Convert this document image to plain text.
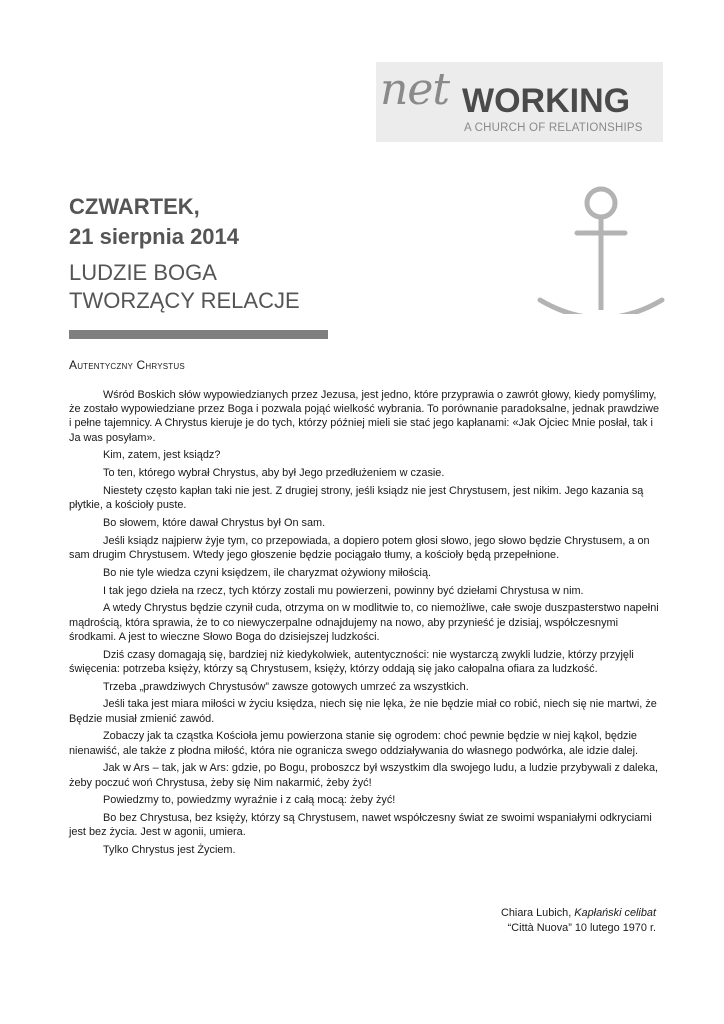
net WORKING
A CHURCH OF RELATIONSHIPS
CZWARTEK,
21 sierpnia 2014
LUDZIE BOGA
TWORZĄCY RELACJE
Autentyczny Chrystus

Wśród Boskich słów wypowiedzianych przez Jezusa, jest jedno, które przyprawia o zawrót głowy, kiedy pomyślimy, że zostało wypowiedziane przez Boga i pozwala pojąć wielkość wybrania. To porównanie paradoksalne, jednak prawdziwe i pełne tajemnicy. A Chrystus kieruje je do tych, którzy później mieli sie stać jego kapłanami: «Jak Ojciec Mnie posłał, tak i Ja was posyłam».

Kim, zatem, jest ksiądz?

To ten, którego wybrał Chrystus, aby był Jego przedłużeniem w czasie.

Niestety często kapłan taki nie jest. Z drugiej strony, jeśli ksiądz nie jest Chrystusem, jest nikim. Jego kazania są płytkie, a kościoły puste.

Bo słowem, które dawał Chrystus był On sam.

Jeśli ksiądz najpierw żyje tym, co przepowiada, a dopiero potem głosi słowo, jego słowo będzie Chrystusem, a on sam drugim Chrystusem. Wtedy jego głoszenie będzie pociągało tłumy, a kościoły będą przepełnione.

Bo nie tyle wiedza czyni księdzem, ile charyzmat ożywiony miłością.

I tak jego dzieła na rzecz, tych którzy zostali mu powierzeni, powinny być dziełami Chrystusa w nim.

A wtedy Chrystus będzie czynił cuda, otrzyma on w modlitwie to, co niemożliwe, całe swoje duszpasterstwo napełni mądrością, która sprawia, że to co niewyczerpalne odnajdujemy na nowo, aby przynieść je dzisiaj, współczesnymi środkami. A jest to wieczne Słowo Boga do dzisiejszej ludzkości.

Dziś czasy domagają się, bardziej niż kiedykolwiek, autentyczności: nie wystarczą zwykli ludzie, którzy przyjęli święcenia: potrzeba księży, którzy są Chrystusem, księży, którzy oddają się jako całopalna ofiara za ludzkość.

Trzeba „prawdziwych Chrystusów” zawsze gotowych umrzeć za wszystkich.

Jeśli taka jest miara miłości w życiu księdza, niech się nie lęka, że nie będzie miał co robić, niech się nie martwi, że Będzie musiał zmienić zawód.

Zobaczy jak ta cząstka Kościoła jemu powierzona stanie się ogrodem: choć pewnie będzie w niej kąkol, będzie nienawiść, ale także z płodna miłość, która nie ogranicza swego oddziaływania do własnego podwórka, ale idzie dalej.

Jak w Ars – tak, jak w Ars: gdzie, po Bogu, proboszcz był wszystkim dla swojego ludu, a ludzie przybywali z daleka, żeby poczuć woń Chrystusa, żeby się Nim nakarmić, żeby żyć!

Powiedzmy to, powiedzmy wyraźnie i z całą mocą: żeby żyć!

Bo bez Chrystusa, bez księży, którzy są Chrystusem, nawet współczesny świat ze swoimi wspaniałymi odkryciami jest bez życia. Jest w agonii, umiera.

Tylko Chrystus jest Życiem.

Chiara Lubich, Kapłański celibat
“Città Nuova” 10 lutego 1970 r.
